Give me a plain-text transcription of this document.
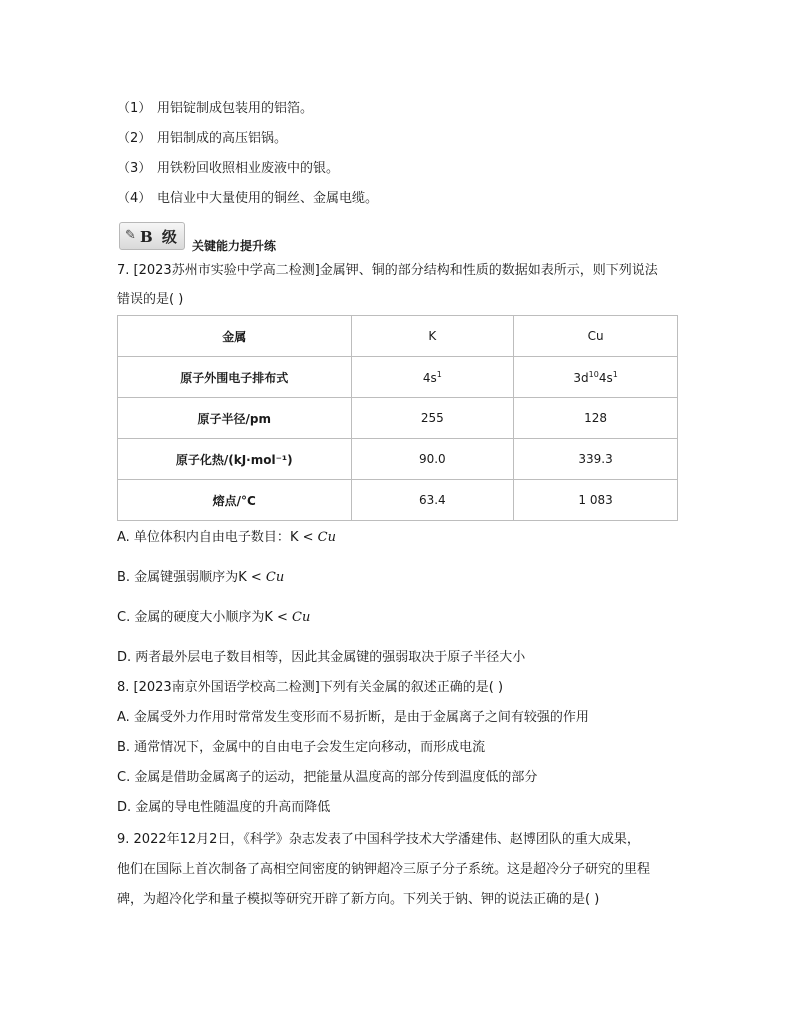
（1） 用铝锭制成包装用的铝箔。
（2） 用铝制成的高压铝锅。
（3） 用铁粉回收照相业废液中的银。
（4） 电信业中大量使用的铜丝、金属电缆。
✎ B 级 关键能力提升练
7. [2023苏州市实验中学高二检测]金属钾、铜的部分结构和性质的数据如表所示，则下列说法
错误的是( )
金属	K	Cu
原子外围电子排布式	$4s^1$	$3d^{10}4s^1$
原子半径/pm	255	128
原子化热/(kJ·mol⁻¹)	90.0	339.3
熔点/°C	63.4	1 083
A. 单位体积内自由电子数目：K < Cu
B. 金属键强弱顺序为K < Cu
C. 金属的硬度大小顺序为K < Cu
D. 两者最外层电子数目相等，因此其金属键的强弱取决于原子半径大小
8. [2023南京外国语学校高二检测]下列有关金属的叙述正确的是( )
A. 金属受外力作用时常常发生变形而不易折断，是由于金属离子之间有较强的作用
B. 通常情况下，金属中的自由电子会发生定向移动，而形成电流
C. 金属是借助金属离子的运动，把能量从温度高的部分传到温度低的部分
D. 金属的导电性随温度的升高而降低
9. 2022年12月2日，《科学》杂志发表了中国科学技术大学潘建伟、赵博团队的重大成果，
他们在国际上首次制备了高相空间密度的钠钾超冷三原子分子系统。这是超冷分子研究的里程
碑，为超冷化学和量子模拟等研究开辟了新方向。下列关于钠、钾的说法正确的是( )
